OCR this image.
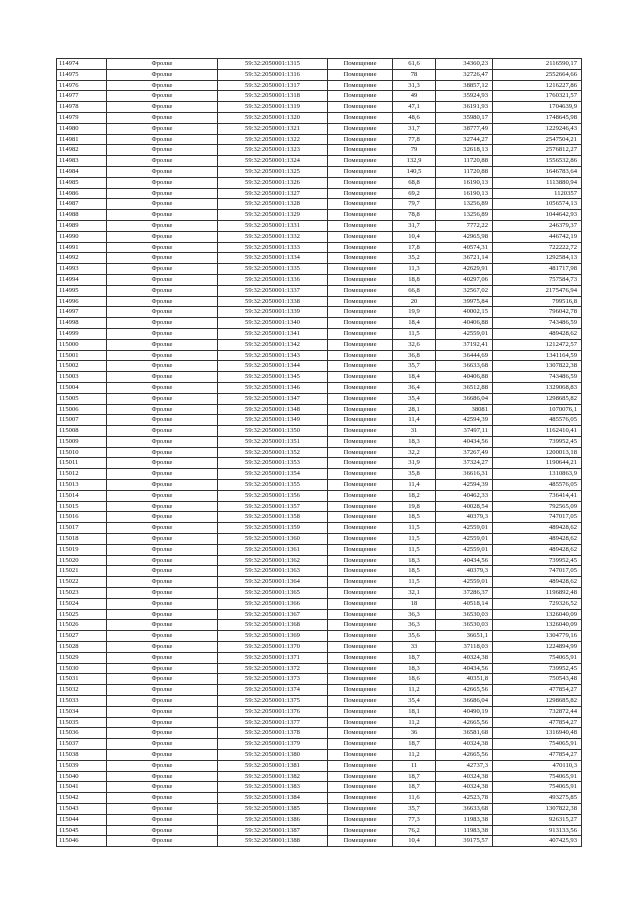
114974	Фролке	59:32:2050001:1315	Помещение	61,6	34360,23	2116590,17
114975	Фролке	59:32:2050001:1316	Помещение	78	32726,47	2552664,66
114976	Фролке	59:32:2050001:1317	Помещение	31,3	38857,12	1216227,86
114977	Фролке	59:32:2050001:1318	Помещение	49	35924,93	1760321,57
114978	Фролке	59:32:2050001:1319	Помещение	47,1	36191,93	1704639,9
114979	Фролке	59:32:2050001:1320	Помещение	48,6	35980,17	1748645,98
114980	Фролке	59:32:2050001:1321	Помещение	31,7	38777,49	1229246,43
114981	Фролке	59:32:2050001:1322	Помещение	77,8	32744,27	2547504,21
114982	Фролке	59:32:2050001:1323	Помещение	79	32618,13	2576812,27
114983	Фролке	59:32:2050001:1324	Помещение	132,9	11720,88	1556532,86
114984	Фролке	59:32:2050001:1325	Помещение	140,5	11720,88	1646783,64
114985	Фролке	59:32:2050001:1326	Помещение	68,8	16190,13	1113880,94
114986	Фролке	59:32:2050001:1327	Помещение	69,2	16190,13	1120357
114987	Фролке	59:32:2050001:1328	Помещение	79,7	13256,89	1056574,13
114988	Фролке	59:32:2050001:1329	Помещение	78,8	13256,89	1044642,93
114989	Фролке	59:32:2050001:1331	Помещение	31,7	7772,22	246379,37
114990	Фролке	59:32:2050001:1332	Помещение	10,4	42965,98	446742,19
114991	Фролке	59:32:2050001:1333	Помещение	17,8	40574,31	722222,72
114992	Фролке	59:32:2050001:1334	Помещение	35,2	36721,14	1292584,13
114993	Фролке	59:32:2050001:1335	Помещение	11,3	42629,91	481717,98
114994	Фролке	59:32:2050001:1336	Помещение	18,8	40297,06	757584,73
114995	Фролке	59:32:2050001:1337	Помещение	66,8	32567,02	2175476,94
114996	Фролке	59:32:2050001:1338	Помещение	20	39975,84	799516,8
114997	Фролке	59:32:2050001:1339	Помещение	19,9	40002,15	796042,78
114998	Фролке	59:32:2050001:1340	Помещение	18,4	40406,88	743486,59
114999	Фролке	59:32:2050001:1341	Помещение	11,5	42559,01	489428,62
115000	Фролке	59:32:2050001:1342	Помещение	32,6	37192,41	1212472,57
115001	Фролке	59:32:2050001:1343	Помещение	36,8	36444,69	1341164,59
115002	Фролке	59:32:2050001:1344	Помещение	35,7	36633,68	1307822,38
115003	Фролке	59:32:2050001:1345	Помещение	18,4	40406,88	743486,59
115004	Фролке	59:32:2050001:1346	Помещение	36,4	36512,88	1329068,83
115005	Фролке	59:32:2050001:1347	Помещение	35,4	36686,04	1298685,82
115006	Фролке	59:32:2050001:1348	Помещение	28,1	38081	1070076,1
115007	Фролке	59:32:2050001:1349	Помещение	11,4	42594,39	485576,05
115008	Фролке	59:32:2050001:1350	Помещение	31	37497,11	1162410,41
115009	Фролке	59:32:2050001:1351	Помещение	18,3	40434,56	739952,45
115010	Фролке	59:32:2050001:1352	Помещение	32,2	37267,49	1200013,18
115011	Фролке	59:32:2050001:1353	Помещение	31,9	37324,27	1190644,21
115012	Фролке	59:32:2050001:1354	Помещение	35,8	36616,31	1310863,9
115013	Фролке	59:32:2050001:1355	Помещение	11,4	42594,39	485576,05
115014	Фролке	59:32:2050001:1356	Помещение	18,2	40462,33	736414,41
115015	Фролке	59:32:2050001:1357	Помещение	19,8	40028,54	792565,09
115016	Фролке	59:32:2050001:1358	Помещение	18,5	40379,3	747017,05
115017	Фролке	59:32:2050001:1359	Помещение	11,5	42559,01	489428,62
115018	Фролке	59:32:2050001:1360	Помещение	11,5	42559,01	489428,62
115019	Фролке	59:32:2050001:1361	Помещение	11,5	42559,01	489428,62
115020	Фролке	59:32:2050001:1362	Помещение	18,3	40434,56	739952,45
115021	Фролке	59:32:2050001:1363	Помещение	18,5	40379,3	747017,05
115022	Фролке	59:32:2050001:1364	Помещение	11,5	42559,01	489428,62
115023	Фролке	59:32:2050001:1365	Помещение	32,1	37286,37	1196892,48
115024	Фролке	59:32:2050001:1366	Помещение	18	40518,14	729326,52
115025	Фролке	59:32:2050001:1367	Помещение	36,3	36530,03	1326040,09
115026	Фролке	59:32:2050001:1368	Помещение	36,3	36530,03	1326040,09
115027	Фролке	59:32:2050001:1369	Помещение	35,6	36651,1	1304779,16
115028	Фролке	59:32:2050001:1370	Помещение	33	37118,03	1224894,99
115029	Фролке	59:32:2050001:1371	Помещение	18,7	40324,38	754065,91
115030	Фролке	59:32:2050001:1372	Помещение	18,3	40434,56	739952,45
115031	Фролке	59:32:2050001:1373	Помещение	18,6	40351,8	750543,48
115032	Фролке	59:32:2050001:1374	Помещение	11,2	42665,56	477854,27
115033	Фролке	59:32:2050001:1375	Помещение	35,4	36686,04	1298685,82
115034	Фролке	59:32:2050001:1376	Помещение	18,1	40490,19	732872,44
115035	Фролке	59:32:2050001:1377	Помещение	11,2	42665,56	477854,27
115036	Фролке	59:32:2050001:1378	Помещение	36	36581,68	1316940,48
115037	Фролке	59:32:2050001:1379	Помещение	18,7	40324,38	754065,91
115038	Фролке	59:32:2050001:1380	Помещение	11,2	42665,56	477854,27
115039	Фролке	59:32:2050001:1381	Помещение	11	42737,3	470110,3
115040	Фролке	59:32:2050001:1382	Помещение	18,7	40324,38	754065,91
115041	Фролке	59:32:2050001:1383	Помещение	18,7	40324,38	754065,91
115042	Фролке	59:32:2050001:1384	Помещение	11,6	42523,78	493275,85
115043	Фролке	59:32:2050001:1385	Помещение	35,7	36633,68	1307822,38
115044	Фролке	59:32:2050001:1386	Помещение	77,3	11983,38	926315,27
115045	Фролке	59:32:2050001:1387	Помещение	76,2	11983,38	913133,56
115046	Фролке	59:32:2050001:1388	Помещение	10,4	39175,57	407425,93
